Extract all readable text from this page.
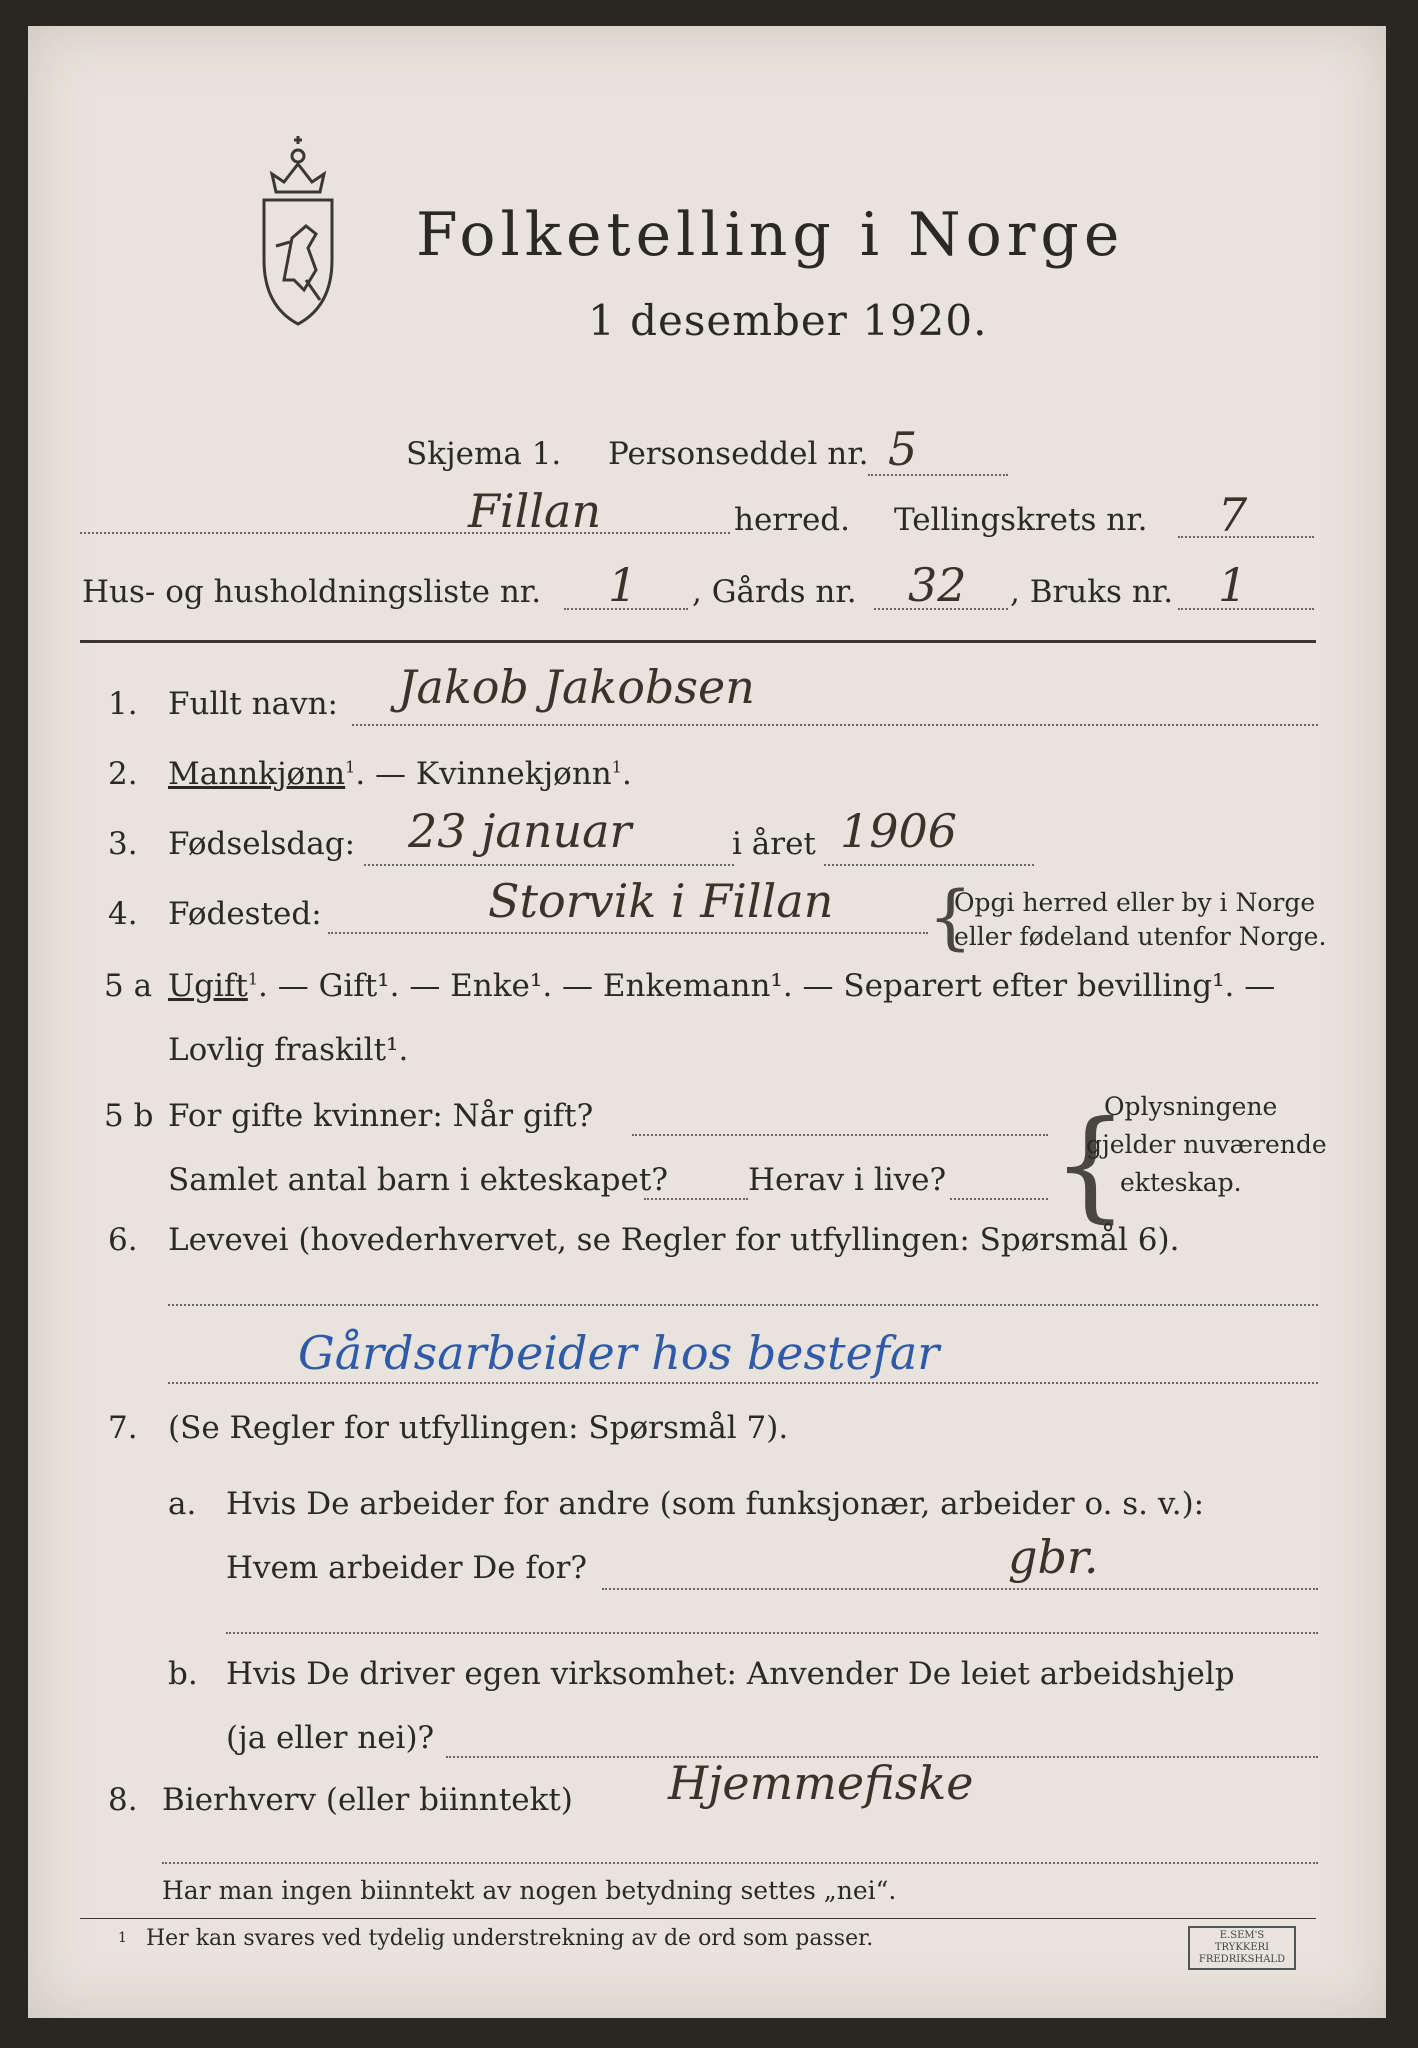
Folketelling i Norge
1 desember 1920.
Skjema 1. Personseddel nr. 5
Fillan	herred. Tellingskrets nr. 7
Hus- og husholdningsliste nr. 1 , Gårds nr. 32 , Bruks nr. 1
1. Fullt navn: Jakob Jakobsen
2. Mannkjønn$^1$. — Kvinnekjønn$^1$.
3. Fødselsdag: 23 januar	i året 1906
4. Fødested:	Storvik i Fillan {
Opgi herred eller by i Norge
eller fødeland utenfor Norge.
5 a Ugift$^1$. — Gift¹. — Enke¹. — Enkemann¹. — Separert efter bevilling¹. —
Lovlig fraskilt¹.
5 b For gifte kvinner: Når gift?
Samlet antal barn i ekteskapet?	Herav i live? {
Oplysningene
gjelder nuværende
ekteskap.
6. Levevei (hovederhvervet, se Regler for utfyllingen: Spørsmål 6).
Gårdsarbeider hos bestefar
7. (Se Regler for utfyllingen: Spørsmål 7).
a. Hvis De arbeider for andre (som funksjonær, arbeider o. s. v.):
Hvem arbeider De for?	gbr.
b. Hvis De driver egen virksomhet: Anvender De leiet arbeidshjelp
(ja eller nei)?
8. Bierhverv (eller biinntekt) Hjemmefiske
Har man ingen biinntekt av nogen betydning settes „nei“.
1 Her kan svares ved tydelig understrekning av de ord som passer.	E.SEM'S TRYKKERI
FREDRIKSHALD
